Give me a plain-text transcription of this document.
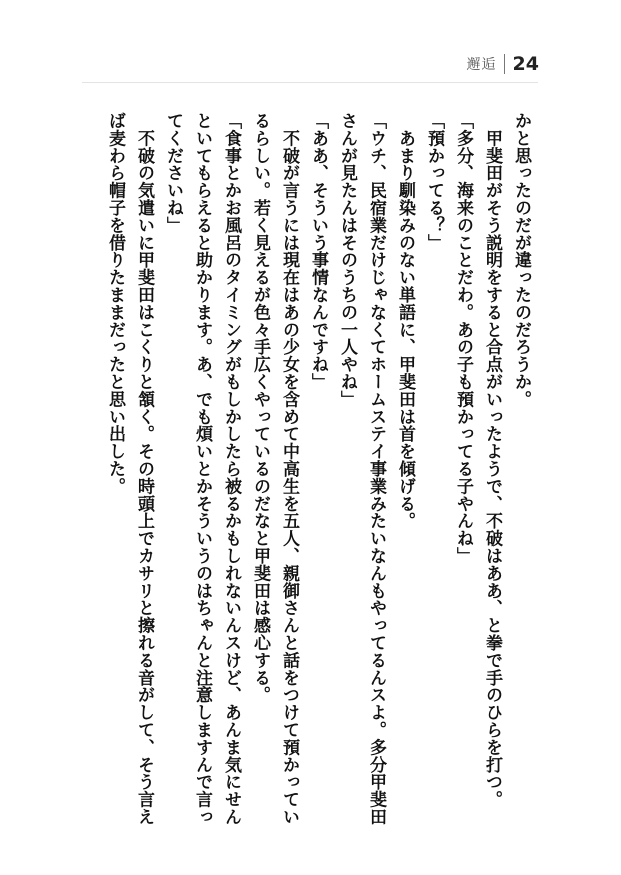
邂逅 24

かと思ったのだが違ったのだろうか。

　甲斐田がそう説明をすると合点がいったようで、不破はああ、と拳で手のひらを打つ。

「多分、海来のことだわ。あの子も預かってる子やんね」

「預かってる？」

　あまり馴染みのない単語に、甲斐田は首を傾げる。

「ウチ、民宿業だけじゃなくてホームステイ事業みたいなんもやってるんスよ。多分甲斐田

さんが見たんはそのうちの一人やね」

「ああ、そういう事情なんですね」

　不破が言うには現在はあの少女を含めて中高生を五人、親御さんと話をつけて預かってい

るらしい。若く見えるが色々手広くやっているのだなと甲斐田は感心する。

「食事とかお風呂のタイミングがもしかしたら被るかもしれないんスけど、あんま気にせん

といてもらえると助かります。あ、でも煩いとかそういうのはちゃんと注意しますんで言っ

てくださいね」

　不破の気遣いに甲斐田はこくりと頷く。その時頭上でカサリと擦れる音がして、そう言え

ば麦わら帽子を借りたままだったと思い出した。
